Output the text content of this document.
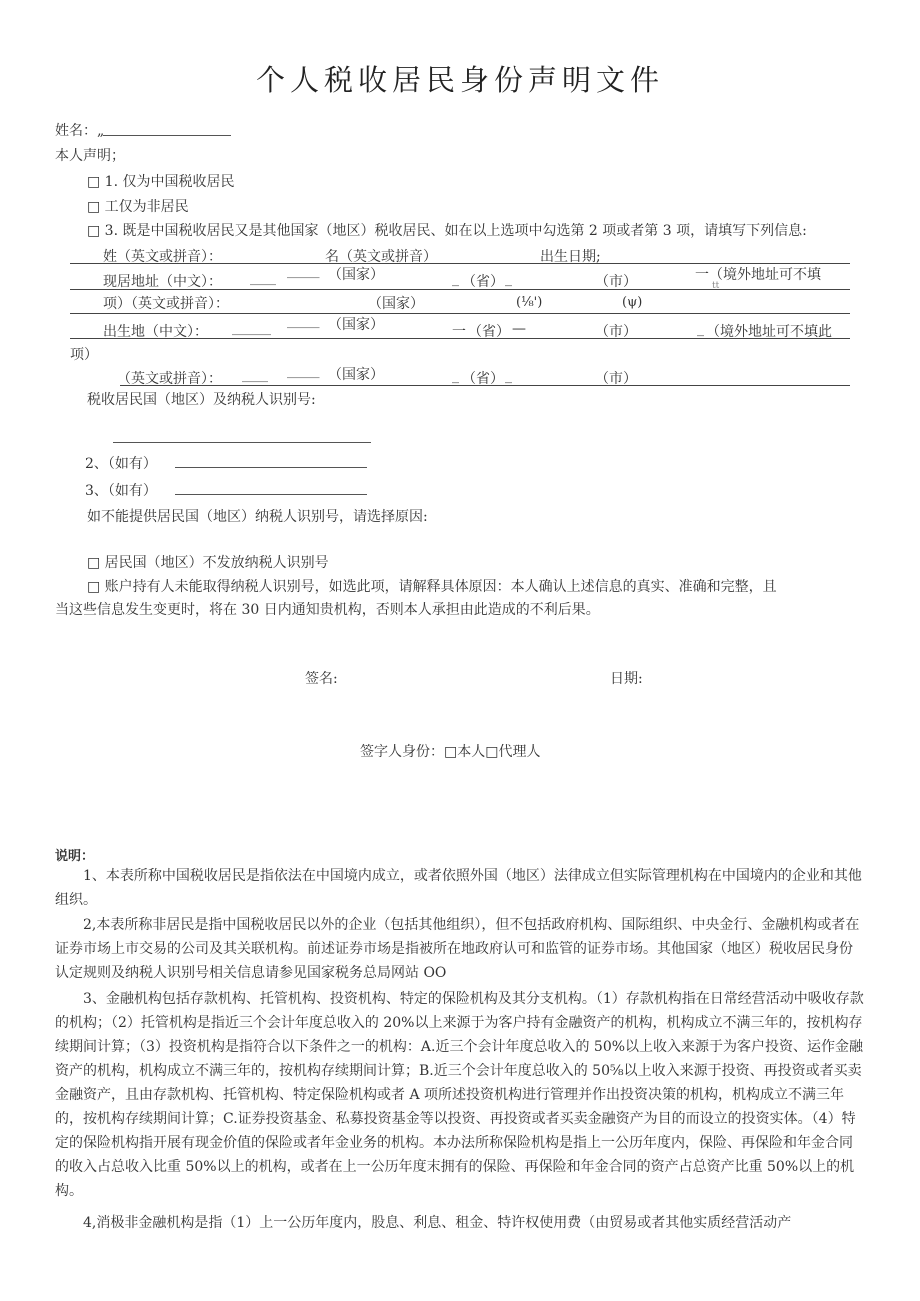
个人税收居民身份声明文件
姓名：„
本人声明；
□ 1. 仅为中国税收居民
□ 工仅为非居民
□ 3. 既是中国税收居民又是其他国家（地区）税收居民、如在以上选项中勾选第 2 项或者第 3 项，请填写下列信息:
姓（英文或拼音）：	名（英文或拼音）	出生日期;
现居地址（中文）： ____ _____ （国家）	_ （省） _	（市）	一（境外地址可不填
tt
项）（英文或拼音）：	（国家）	(⅛')	(ψ)
出生地（中文）： ______ _____ （国家）	一 （省） —	（市）	_ （境外地址可不填此
项）
（英文或拼音）： ____ _____ （国家）	_ （省） _	（市）
税收居民国（地区）及纳税人识别号:
2、（如有）
3、（如有）
如不能提供居民国（地区）纳税人识别号，请选择原因:
□ 居民国（地区）不发放纳税人识别号
□ 账户持有人未能取得纳税人识别号，如选此项，请解释具体原因：本人确认上述信息的真实、准确和完整，且
当这些信息发生变更时，将在 30 日内通知贵机构，否则本人承担由此造成的不利后果。
签名:	日期:
签字人身份：□本人□代理人
说明：
1、本表所称中国税收居民是指依法在中国境内成立，或者依照外国（地区）法律成立但实际管理机构在中国境内的企业和其他组织。
2,本表所称非居民是指中国税收居民以外的企业（包括其他组织），但不包括政府机构、国际组织、中央金行、金融机构或者在证券市场上市交易的公司及其关联机构。前述证券市场是指被所在地政府认可和监管的证券市场。其他国家（地区）税收居民身份认定规则及纳税人识别号相关信息请参见国家税务总局网站 OO
3、金融机构包括存款机构、托管机构、投资机构、特定的保险机构及其分支机构。（1）存款机构指在日常经营活动中吸收存款的机构；（2）托管机构是指近三个会计年度总收入的 20%以上来源于为客户持有金融资产的机构，机构成立不满三年的，按机构存续期间计算；（3）投资机构是指符合以下条件之一的机构：A.近三个会计年度总收入的 50%以上收入来源于为客户投资、运作金融资产的机构，机构成立不满三年的，按机构存续期间计算；B.近三个会计年度总收入的 50⅝以上收入来源于投资、再投资或者买卖金融资产，且由存款机构、托管机构、特定保险机构或者 A 项所述投资机构进行管理并作出投资决策的机构，机构成立不满三年的，按机构存续期间计算；C.证券投资基金、私募投资基金等以投资、再投资或者买卖金融资产为目的而设立的投资实体。（4）特定的保险机构指开展有现金价值的保险或者年金业务的机构。本办法所称保险机构是指上一公历年度内，保险、再保险和年金合同的收入占总收入比重 50%以上的机构，或者在上一公历年度末拥有的保险、再保险和年金合同的资产占总资产比重 50%以上的机构。
4,消极非金融机构是指（1）上一公历年度内，股息、利息、租金、特许权使用费（由贸易或者其他实质经营活动产
